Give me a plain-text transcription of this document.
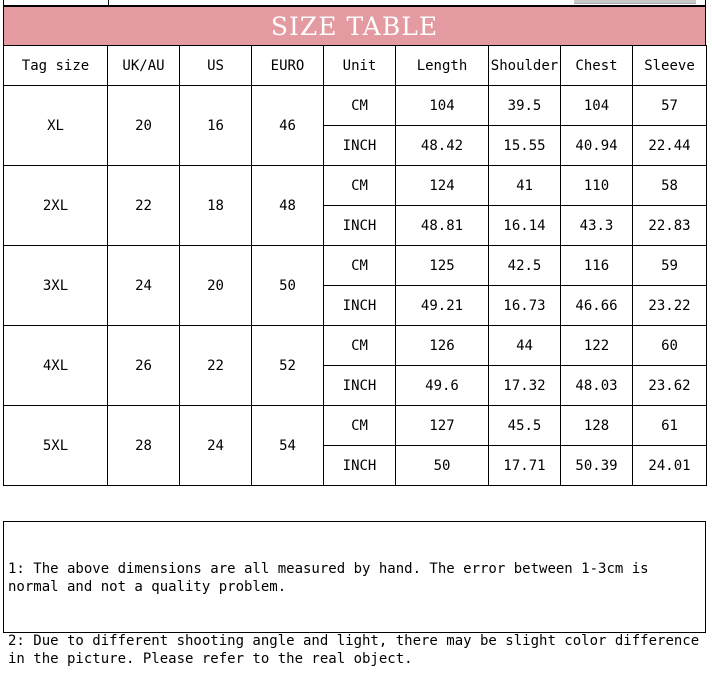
SIZE TABLE
Tag size	UK/AU	US	EURO	Unit	Length	Shoulder	Chest	Sleeve
XL	20	16	46	CM	104	39.5	104	57
				INCH	48.42	15.55	40.94	22.44
2XL	22	18	48	CM	124	41	110	58
				INCH	48.81	16.14	43.3	22.83
3XL	24	20	50	CM	125	42.5	116	59
				INCH	49.21	16.73	46.66	23.22
4XL	26	22	52	CM	126	44	122	60
				INCH	49.6	17.32	48.03	23.62
5XL	28	24	54	CM	127	45.5	128	61
				INCH	50	17.71	50.39	24.01

1: The above dimensions are all measured by hand. The error between 1-3cm is normal and not a quality problem.

2: Due to different shooting angle and light, there may be slight color difference in the picture. Please refer to the real object.
